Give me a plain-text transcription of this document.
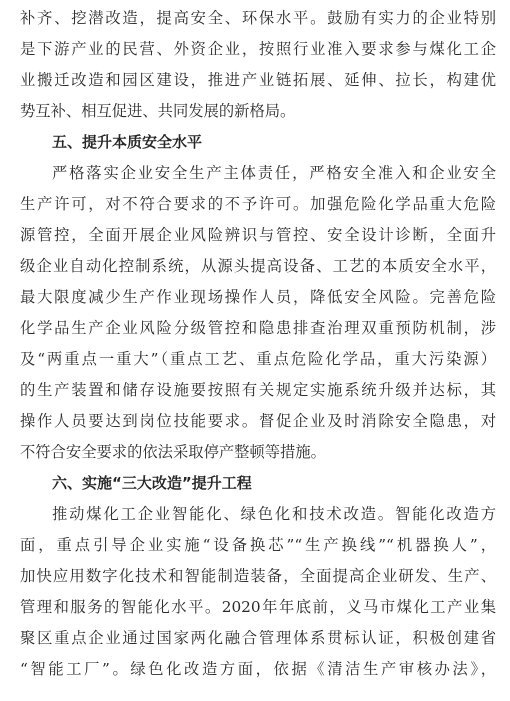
补齐、挖潜改造，提高安全、环保水平。鼓励有实力的企业特别
是下游产业的民营、外资企业，按照行业准入要求参与煤化工企
业搬迁改造和园区建设，推进产业链拓展、延伸、拉长，构建优
势互补、相互促进、共同发展的新格局。
五、提升本质安全水平
严格落实企业安全生产主体责任，严格安全准入和企业安全
生产许可，对不符合要求的不予许可。加强危险化学品重大危险
源管控，全面开展企业风险辨识与管控、安全设计诊断，全面升
级企业自动化控制系统，从源头提高设备、工艺的本质安全水平，
最大限度减少生产作业现场操作人员，降低安全风险。完善危险
化学品生产企业风险分级管控和隐患排查治理双重预防机制，涉
及“两重点一重大”（重点工艺、重点危险化学品，重大污染源）
的生产装置和储存设施要按照有关规定实施系统升级并达标，其
操作人员要达到岗位技能要求。督促企业及时消除安全隐患，对
不符合安全要求的依法采取停产整顿等措施。
六、实施“三大改造”提升工程
推动煤化工企业智能化、绿色化和技术改造。智能化改造方
面，重点引导企业实施“设备换芯”“生产换线”“机器换人”，
加快应用数字化技术和智能制造装备，全面提高企业研发、生产、
管理和服务的智能化水平。2020年年底前，义马市煤化工产业集
聚区重点企业通过国家两化融合管理体系贯标认证，积极创建省
“智能工厂”。绿色化改造方面，依据《清洁生产审核办法》，
